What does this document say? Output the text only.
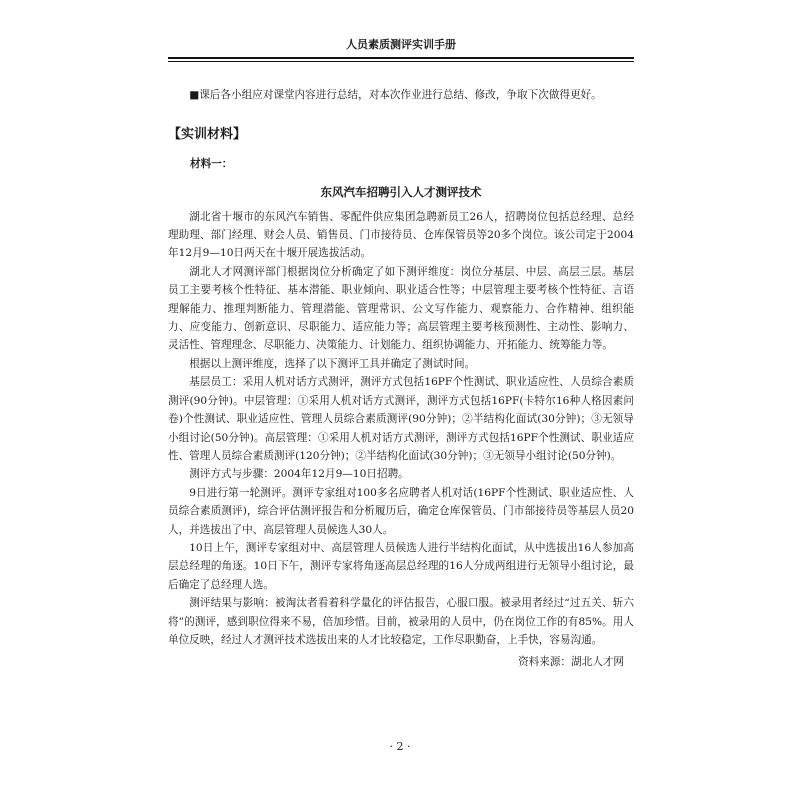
人员素质测评实训手册

■课后各小组应对课堂内容进行总结，对本次作业进行总结、修改，争取下次做得更好。

【实训材料】
材料一：
东风汽车招聘引入人才测评技术

湖北省十堰市的东风汽车销售、零配件供应集团急聘新员工26人，招聘岗位包括总经理、总经理助理、部门经理、财会人员、销售员、门市接待员、仓库保管员等20多个岗位。该公司定于2004年12月9—10日两天在十堰开展选拔活动。

湖北人才网测评部门根据岗位分析确定了如下测评维度：岗位分基层、中层、高层三层。基层员工主要考核个性特征、基本潜能、职业倾向、职业适合性等；中层管理主要考核个性特征、言语理解能力、推理判断能力、管理潜能、管理常识、公文写作能力、观察能力、合作精神、组织能力、应变能力、创新意识、尽职能力、适应能力等；高层管理主要考核预测性、主动性、影响力、灵活性、管理理念、尽职能力、决策能力、计划能力、组织协调能力、开拓能力、统筹能力等。

根据以上测评维度，选择了以下测评工具并确定了测试时间。

基层员工：采用人机对话方式测评，测评方式包括16PF个性测试、职业适应性、人员综合素质测评(90分钟)。中层管理：①采用人机对话方式测评，测评方式包括16PF(卡特尔16种人格因素问卷)个性测试、职业适应性、管理人员综合素质测评(90分钟)；②半结构化面试(30分钟)；③无领导小组讨论(50分钟)。高层管理：①采用人机对话方式测评，测评方式包括16PF个性测试、职业适应性、管理人员综合素质测评(120分钟)；②半结构化面试(30分钟)；③无领导小组讨论(50分钟)。

测评方式与步骤：2004年12月9—10日招聘。

9日进行第一轮测评。测评专家组对100多名应聘者人机对话(16PF个性测试、职业适应性、人员综合素质测评)，综合评估测评报告和分析履历后，确定仓库保管员、门市部接待员等基层人员20人，并选拔出了中、高层管理人员候选人30人。

10日上午，测评专家组对中、高层管理人员候选人进行半结构化面试，从中选拔出16人参加高层总经理的角逐。10日下午，测评专家将角逐高层总经理的16人分成两组进行无领导小组讨论，最后确定了总经理人选。

测评结果与影响：被淘汰者看着科学量化的评估报告，心服口服。被录用者经过“过五关、斩六将”的测评，感到职位得来不易，倍加珍惜。目前，被录用的人员中，仍在岗位工作的有85%。用人单位反映，经过人才测评技术选拔出来的人才比较稳定，工作尽职勤奋，上手快，容易沟通。

资料来源：湖北人才网
· 2 ·
